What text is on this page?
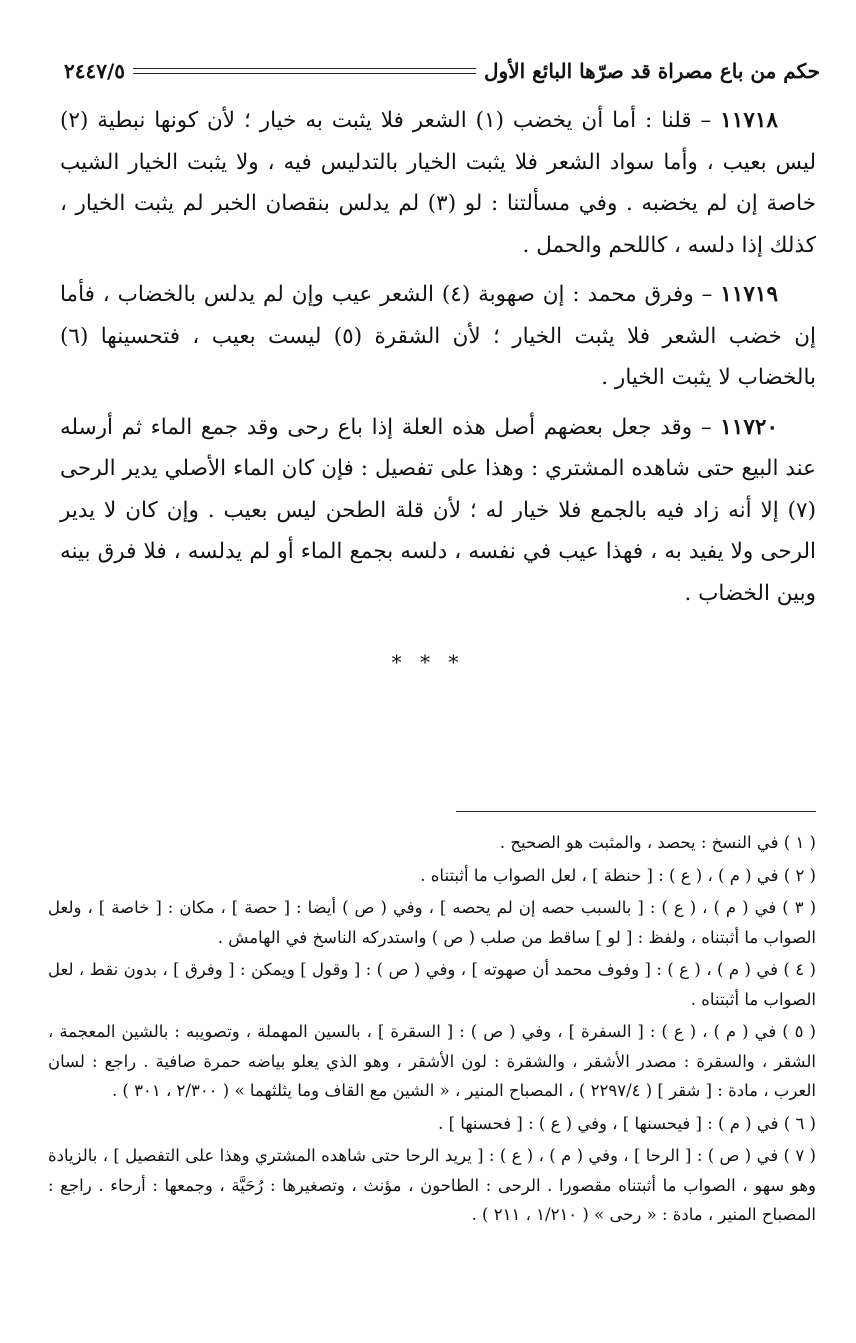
حكم من باع مصراة قد صرّها البائع الأول
٢٤٤٧/٥

١١٧١٨ – قلنا : أما أن يخضب (١) الشعر فلا يثبت به خيار ؛ لأن كونها نبطية (٢) ليس بعيب ، وأما سواد الشعر فلا يثبت الخيار بالتدليس فيه ، ولا يثبت الخيار الشيب خاصة إن لم يخضبه . وفي مسألتنا : لو (٣) لم يدلس بنقصان الخبر لم يثبت الخيار ، كذلك إذا دلسه ، كاللحم والحمل .

١١٧١٩ – وفرق محمد : إن صهوبة (٤) الشعر عيب وإن لم يدلس بالخضاب ، فأما إن خضب الشعر فلا يثبت الخيار ؛ لأن الشقرة (٥) ليست بعيب ، فتحسينها (٦) بالخضاب لا يثبت الخيار .

١١٧٢٠ – وقد جعل بعضهم أصل هذه العلة إذا باع رحى وقد جمع الماء ثم أرسله عند البيع حتى شاهده المشتري : وهذا على تفصيل : فإن كان الماء الأصلي يدير الرحى (٧) إلا أنه زاد فيه بالجمع فلا خيار له ؛ لأن قلة الطحن ليس بعيب . وإن كان لا يدير الرحى ولا يفيد به ، فهذا عيب في نفسه ، دلسه بجمع الماء أو لم يدلسه ، فلا فرق بينه وبين الخضاب .

* * *

( ١ ) في النسخ : يحصد ، والمثبت هو الصحيح .

( ٢ ) في ( م ) ، ( ع ) : [ حنطة ] ، لعل الصواب ما أثبتناه .

( ٣ ) في ( م ) ، ( ع ) : [ بالسبب حصه إن لم يحصه ] ، وفي ( ص ) أيضا : [ حصة ] ، مكان : [ خاصة ] ، ولعل الصواب ما أثبتناه ، ولفظ : [ لو ] ساقط من صلب ( ص ) واستدركه الناسخ في الهامش .

( ٤ ) في ( م ) ، ( ع ) : [ وفوف محمد أن صهوته ] ، وفي ( ص ) : [ وقول ] ويمكن : [ وفرق ] ، بدون نقط ، لعل الصواب ما أثبتناه .

( ٥ ) في ( م ) ، ( ع ) : [ السفرة ] ، وفي ( ص ) : [ السقرة ] ، بالسين المهملة ، وتصويبه : بالشين المعجمة ، الشقر ، والسقرة : مصدر الأشقر ، والشقرة : لون الأشقر ، وهو الذي يعلو بياضه حمرة صافية . راجع : لسان العرب ، مادة : [ شقر ] ( ٢٢٩٧/٤ ) ، المصباح المنير ، « الشين مع القاف وما يثلثهما » ( ٢/٣٠٠ ، ٣٠١ ) .

( ٦ ) في ( م ) : [ فيحسنها ] ، وفي ( ع ) : [ فحسنها ] .

( ٧ ) في ( ص ) : [ الرحا ] ، وفي ( م ) ، ( ع ) : [ يريد الرحا حتى شاهده المشتري وهذا على التفصيل ] ، بالزيادة وهو سهو ، الصواب ما أثبتناه مقصورا . الرحى : الطاحون ، مؤنث ، وتصغيرها : رُحَيَّة ، وجمعها : أرحاء . راجع : المصباح المنير ، مادة : « رحى » ( ١/٢١٠ ، ٢١١ ) .
